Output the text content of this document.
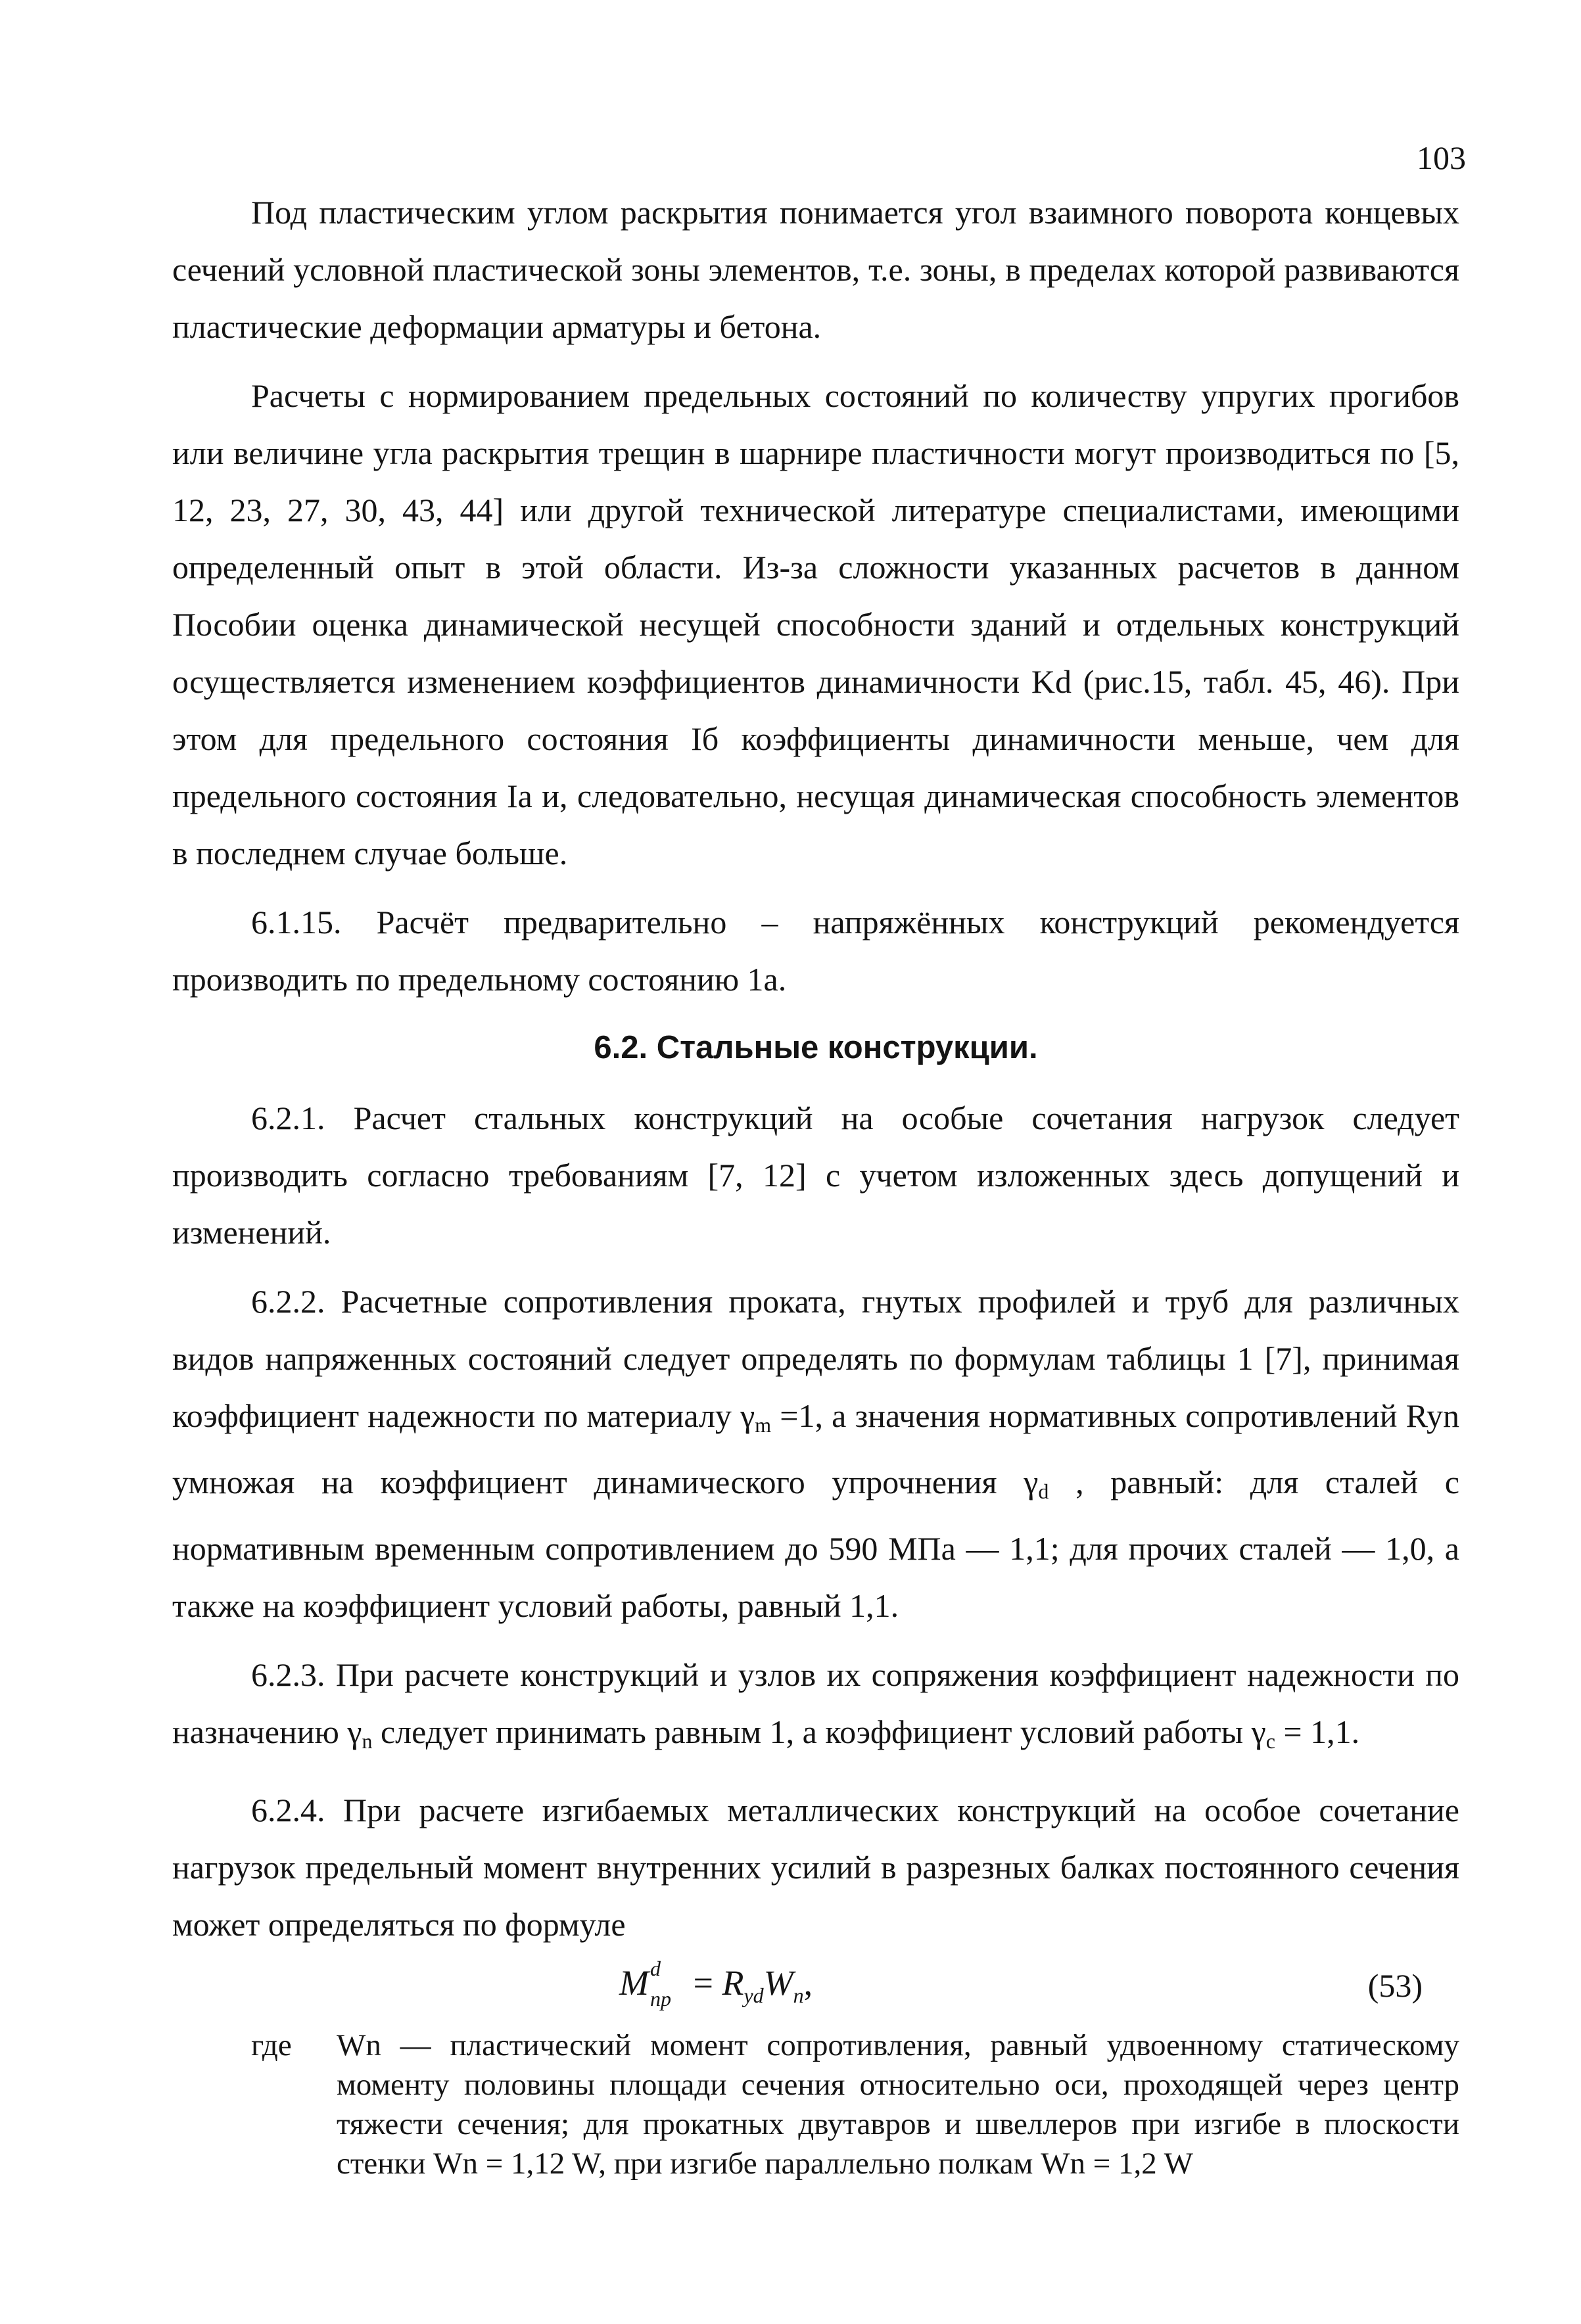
103

Под пластическим углом раскрытия понимается угол взаимного поворота концевых сечений условной пластической зоны элементов, т.е. зоны, в пределах которой развиваются пластические деформации арматуры и бетона.

Расчеты с нормированием предельных состояний по количеству упругих прогибов или величине угла раскрытия трещин в шарнире пластичности могут производиться по [5, 12, 23, 27, 30, 43, 44] или другой технической литературе специалистами, имеющими определенный опыт в этой области. Из-за сложности указанных расчетов в данном Пособии оценка динамической несущей способности зданий и отдельных конструкций осуществляется изменением коэффициентов динамичности Kd (рис.15, табл. 45, 46). При этом для предельного состояния Iб коэффициенты динамичности меньше, чем для предельного состояния Iа и, следовательно, несущая динамическая способность элементов в последнем случае больше.

6.1.15. Расчёт предварительно – напряжённых конструкций рекомендуется производить по предельному состоянию 1а.

6.2. Стальные конструкции.

6.2.1. Расчет стальных конструкций на особые сочетания нагрузок следует производить согласно требованиям [7, 12] с учетом изложенных здесь допущений и изменений.

6.2.2. Расчетные сопротивления проката, гнутых профилей и труб для различных видов напряженных состояний следует определять по формулам таблицы 1 [7], принимая коэффициент надежности по материалу $\gamma_m =1$, а значения нормативных сопротивлений Ryn умножая на коэффициент динамического упрочнения $\gamma_d$ , равный: для сталей с нормативным временным сопротивлением до 590 МПа — 1,1; для прочих сталей — 1,0, а также на коэффициент условий работы, равный 1,1.

6.2.3. При расчете конструкций и узлов их сопряжения коэффициент надежности по назначению $\gamma_n$ следует принимать равным 1, а коэффициент условий работы $\gamma_c = 1,1$.

6.2.4. При расчете изгибаемых металлических конструкций на особое сочетание нагрузок предельный момент внутренних усилий в разрезных балках постоянного сечения может определяться по формуле

M d
пр = $R_{yd}W_n$,	(53)
где Wn — пластический момент сопротивления, равный удвоенному статическому моменту половины площади сечения относительно оси, проходящей через центр тяжести сечения; для прокатных двутавров и швеллеров при изгибе в плоскости стенки Wn = 1,12 W, при изгибе параллельно полкам Wn = 1,2 W
